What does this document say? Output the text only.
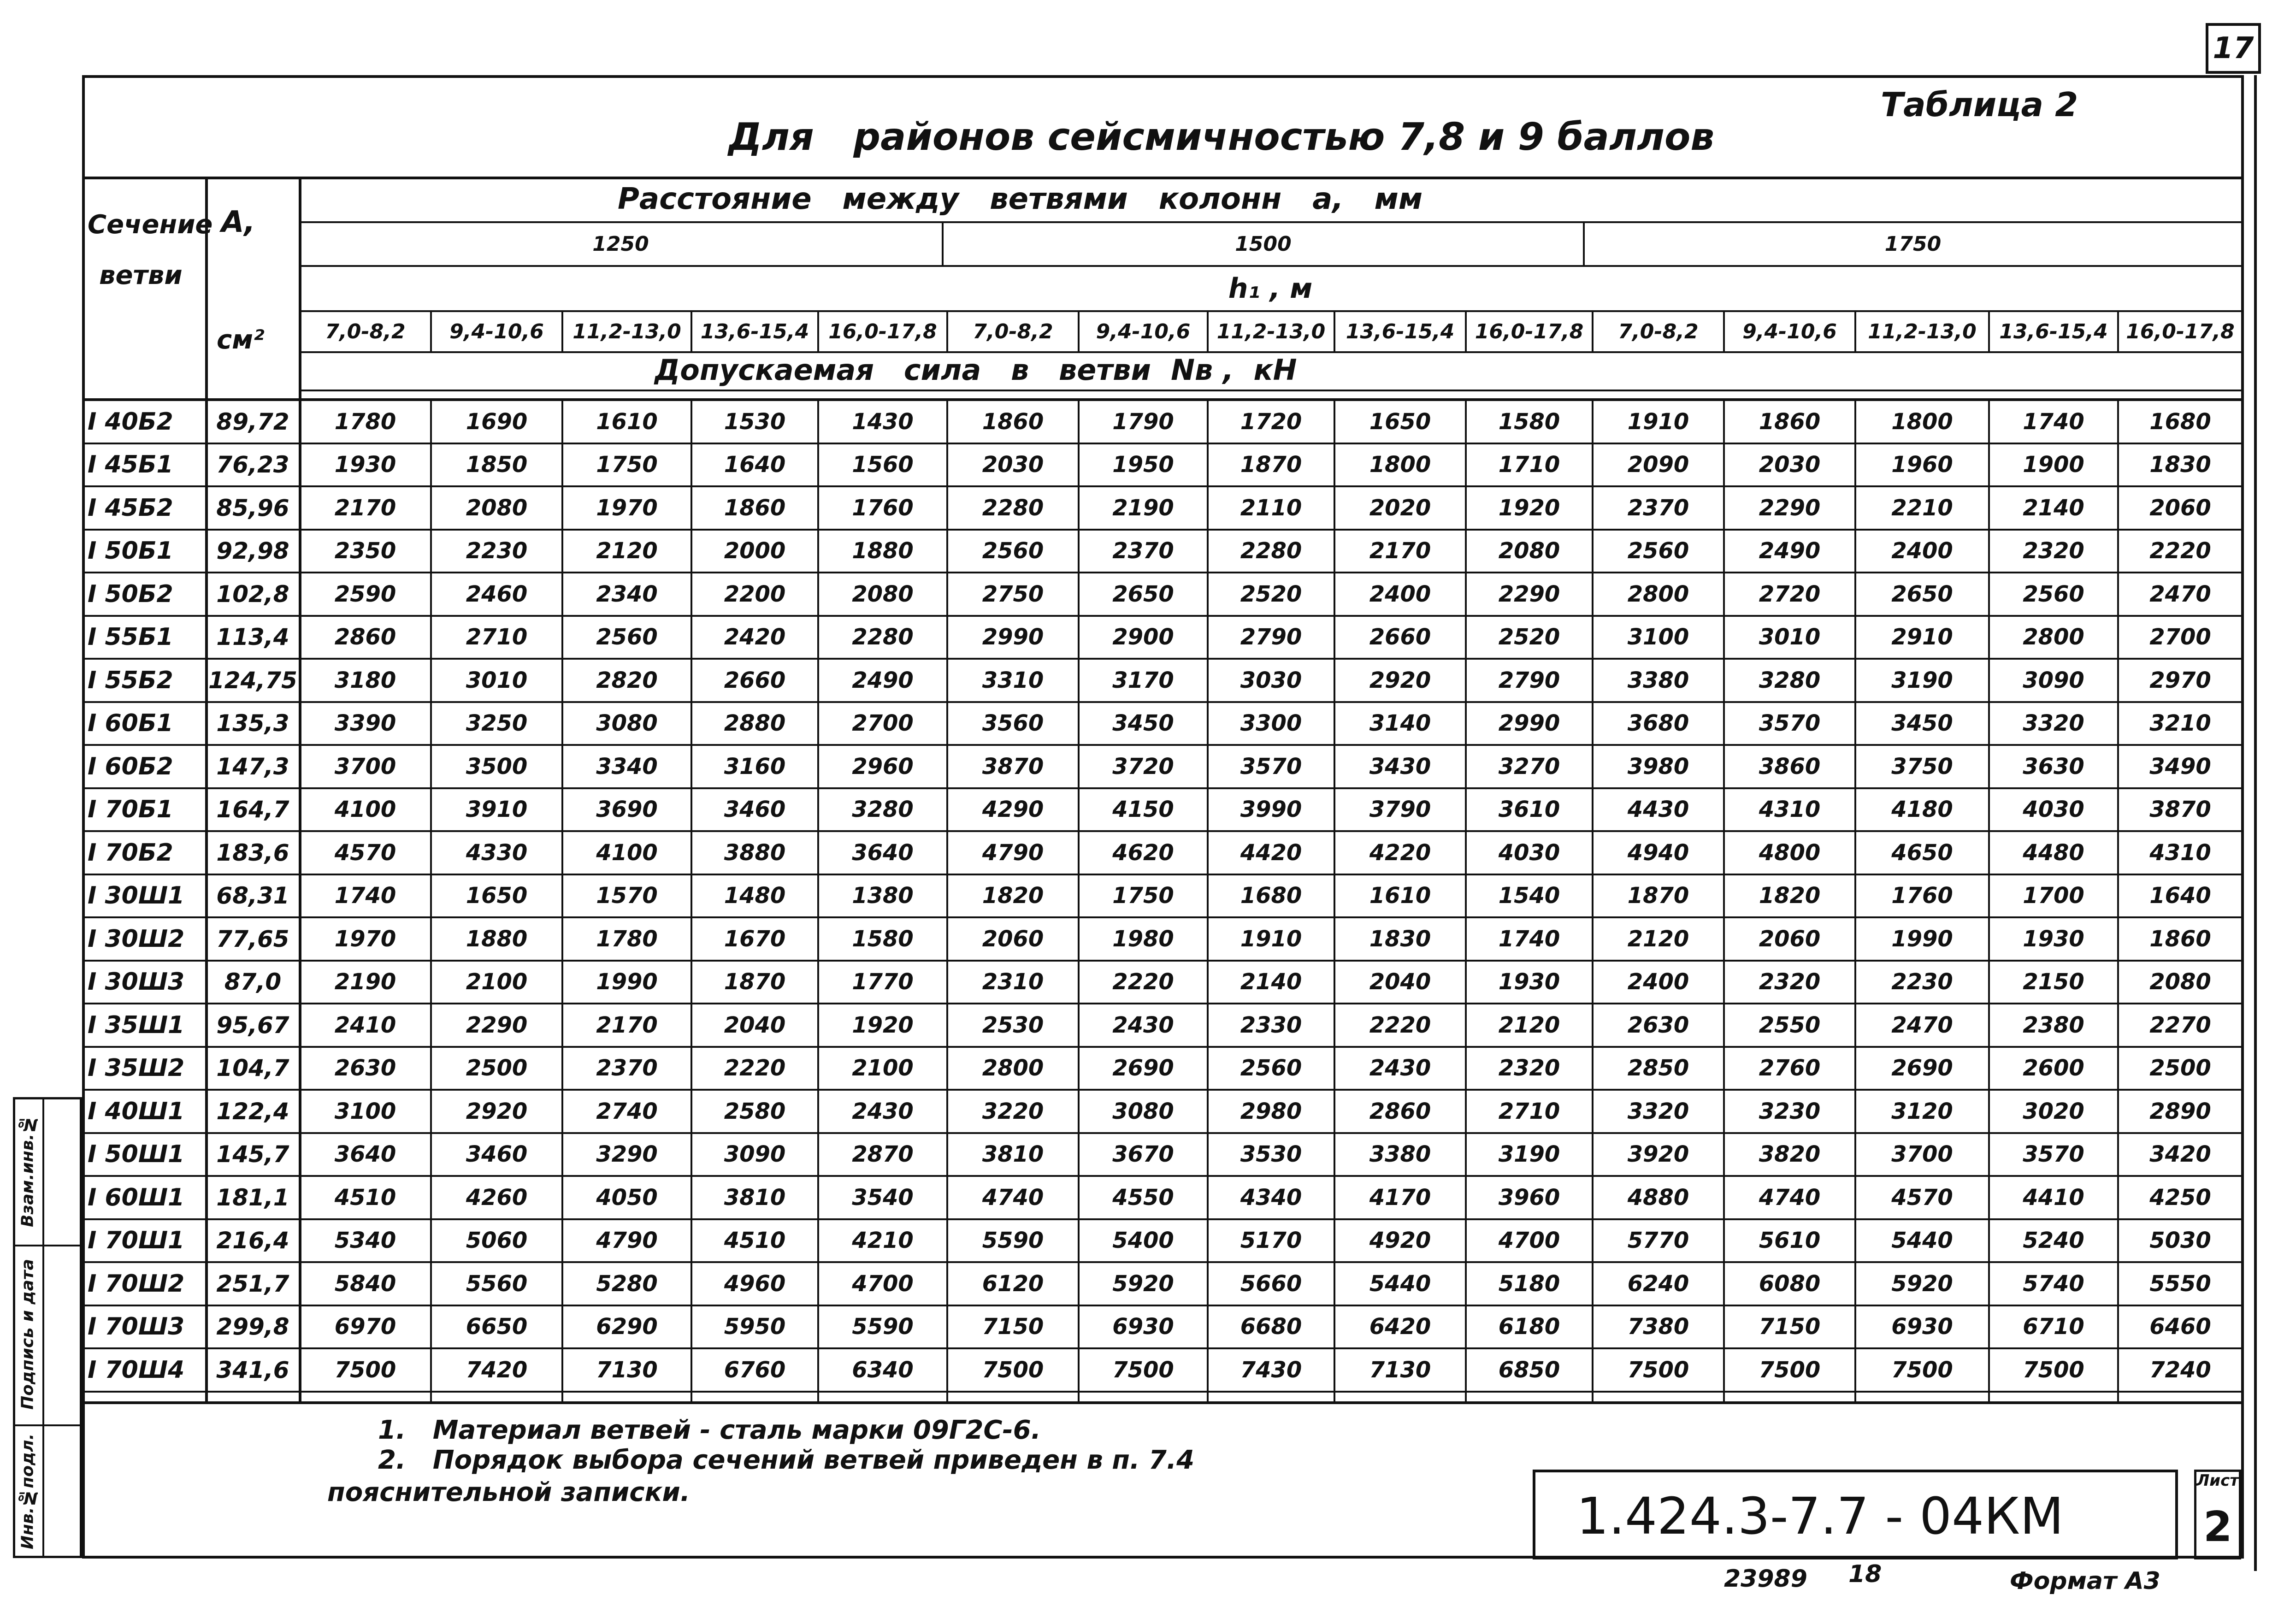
17
Таблица 2
Для   районов сейсмичностью 7,8 и 9 баллов
Сечение
ветви
А,
см²
Расстояние   между   ветвями   колонн   а,   мм
1250	1500	1750
h₁ , м
7,0-8,2	9,4-10,6	11,2-13,0 13,6-15,4 16,0-17,8	7,0-8,2	9,4-10,6	11,2-13,0	13,6-15,4	16,0-17,8	7,0-8,2	9,4-10,6	11,2-13,0	13,6-15,4 16,0-17,8
Допускаемая   сила   в   ветви  Nв ,  кН
I 40Б2	89,72	1780	1690	1610	1530	1430	1860	1790	1720	1650	1580	1910	1860	1800	1740	1680
I 45Б1	76,23	1930	1850	1750	1640	1560	2030	1950	1870	1800	1710	2090	2030	1960	1900	1830
I 45Б2	85,96	2170	2080	1970	1860	1760	2280	2190	2110	2020	1920	2370	2290	2210	2140	2060
I 50Б1	92,98	2350	2230	2120	2000	1880	2560	2370	2280	2170	2080	2560	2490	2400	2320	2220
I 50Б2	102,8	2590	2460	2340	2200	2080	2750	2650	2520	2400	2290	2800	2720	2650	2560	2470
I 55Б1	113,4	2860	2710	2560	2420	2280	2990	2900	2790	2660	2520	3100	3010	2910	2800	2700
I 55Б2	124,75	3180	3010	2820	2660	2490	3310	3170	3030	2920	2790	3380	3280	3190	3090	2970
I 60Б1	135,3	3390	3250	3080	2880	2700	3560	3450	3300	3140	2990	3680	3570	3450	3320	3210
I 60Б2	147,3	3700	3500	3340	3160	2960	3870	3720	3570	3430	3270	3980	3860	3750	3630	3490
I 70Б1	164,7	4100	3910	3690	3460	3280	4290	4150	3990	3790	3610	4430	4310	4180	4030	3870
I 70Б2	183,6	4570	4330	4100	3880	3640	4790	4620	4420	4220	4030	4940	4800	4650	4480	4310
I 30Ш1	68,31	1740	1650	1570	1480	1380	1820	1750	1680	1610	1540	1870	1820	1760	1700	1640
I 30Ш2	77,65	1970	1880	1780	1670	1580	2060	1980	1910	1830	1740	2120	2060	1990	1930	1860
I 30Ш3	87,0	2190	2100	1990	1870	1770	2310	2220	2140	2040	1930	2400	2320	2230	2150	2080
I 35Ш1	95,67	2410	2290	2170	2040	1920	2530	2430	2330	2220	2120	2630	2550	2470	2380	2270
I 35Ш2	104,7	2630	2500	2370	2220	2100	2800	2690	2560	2430	2320	2850	2760	2690	2600	2500
I 40Ш1	122,4	3100	2920	2740	2580	2430	3220	3080	2980	2860	2710	3320	3230	3120	3020	2890
I 50Ш1	145,7	3640	3460	3290	3090	2870	3810	3670	3530	3380	3190	3920	3820	3700	3570	3420
I 60Ш1	181,1	4510	4260	4050	3810	3540	4740	4550	4340	4170	3960	4880	4740	4570	4410	4250
I 70Ш1	216,4	5340	5060	4790	4510	4210	5590	5400	5170	4920	4700	5770	5610	5440	5240	5030
I 70Ш2	251,7	5840	5560	5280	4960	4700	6120	5920	5660	5440	5180	6240	6080	5920	5740	5550
I 70Ш3	299,8	6970	6650	6290	5950	5590	7150	6930	6680	6420	6180	7380	7150	6930	6710	6460
I 70Ш4	341,6	7500	7420	7130	6760	6340	7500	7500	7430	7130	6850	7500	7500	7500	7500	7240
1.   Материал ветвей - сталь марки 09Г2С-6.
2.   Порядок выбора сечений ветвей приведен в п. 7.4
пояснительной записки.	1.424.3-7.7 - 04КМ
Лист
2
23989 18	Формат А3
Взам.инв.№
Подпись и дата
Инв.№подл.
